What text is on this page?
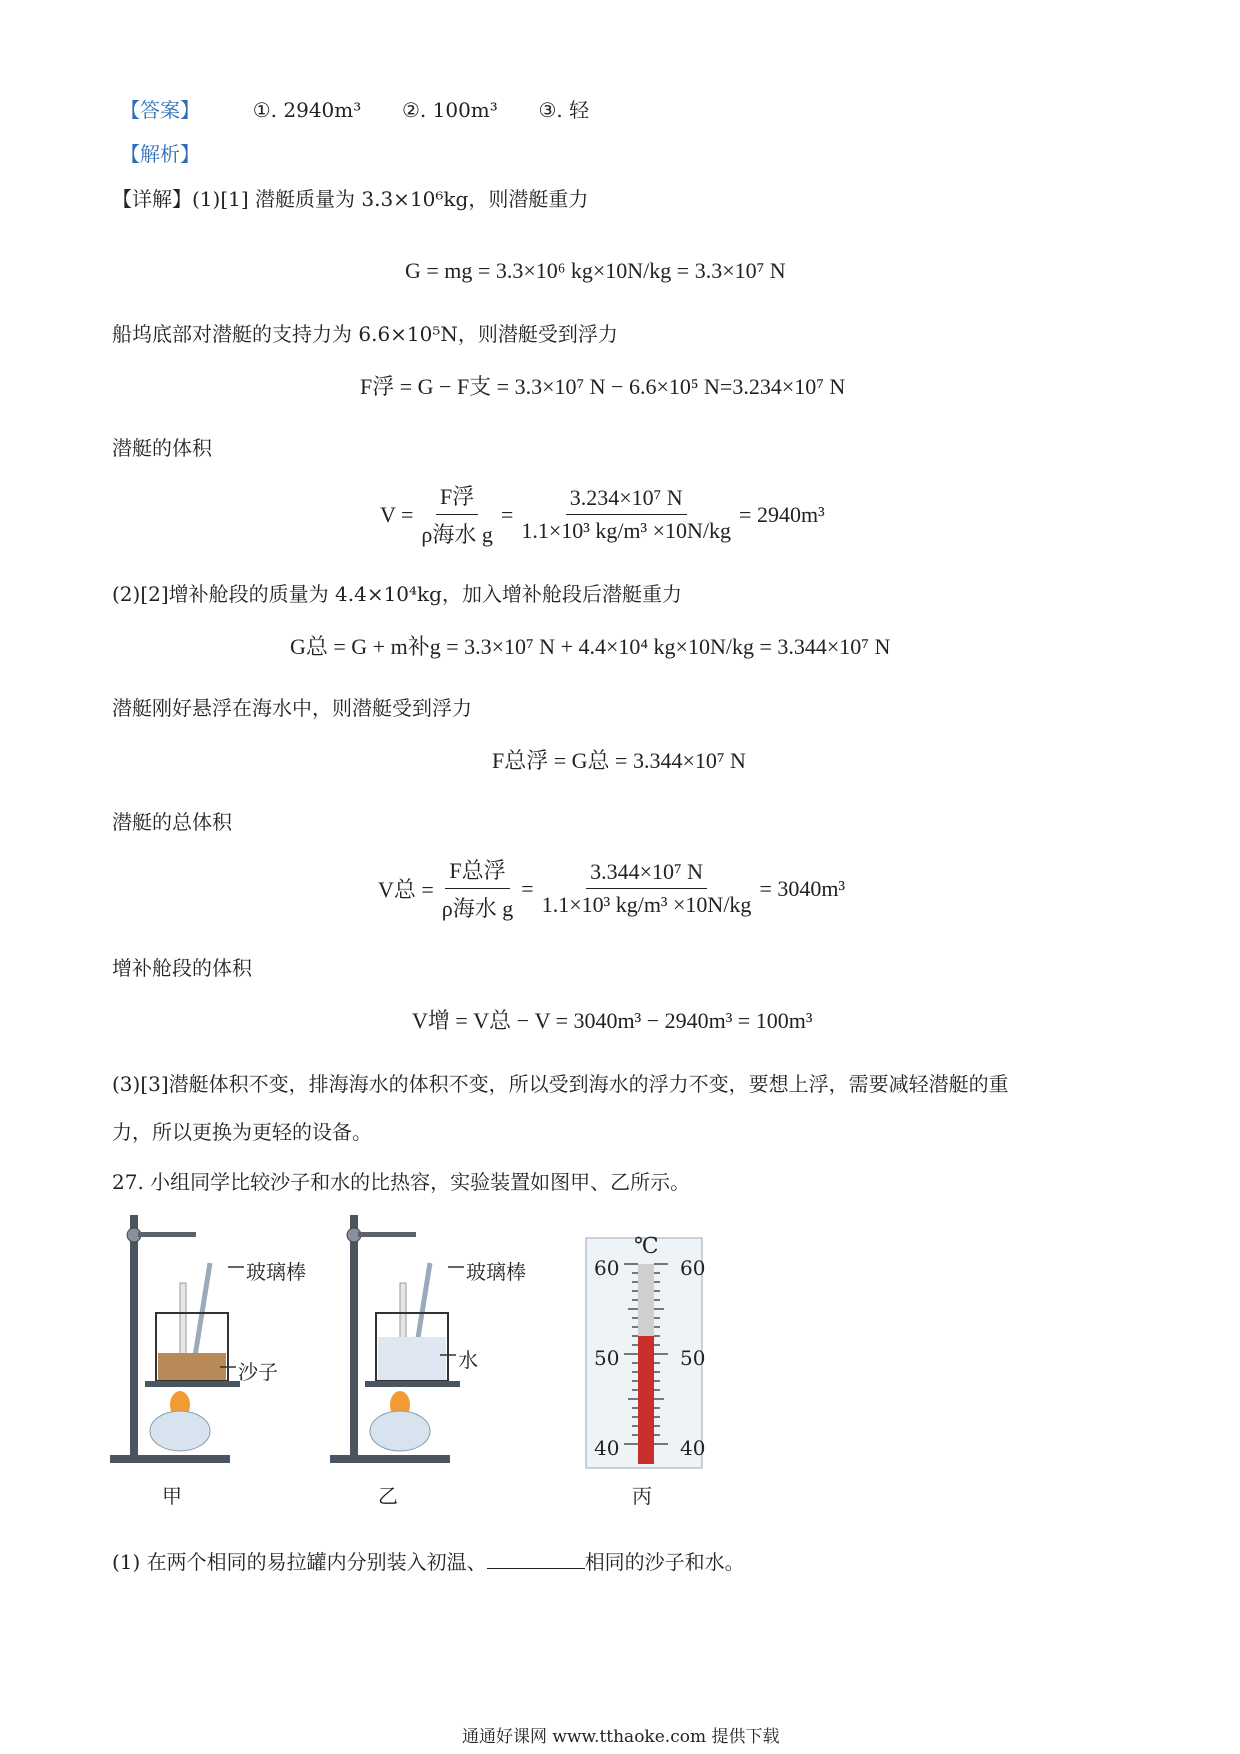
【答案】	①. 2940m³ ②. 100m³ ③. 轻
【解析】
【详解】(1)[1] 潜艇质量为 3.3×10⁶kg，则潜艇重力
G = mg = 3.3×10⁶ kg×10N/kg = 3.3×10⁷ N
船坞底部对潜艇的支持力为 6.6×10⁵N，则潜艇受到浮力
F浮 = G − F支 = 3.3×10⁷ N − 6.6×10⁵ N=3.234×10⁷ N
潜艇的体积
$V = \frac{\text{F浮}}{\text{ρ海水 g}} = \frac{\text{3.234×10⁷ N}}{\text{1.1×10³ kg/m³ ×10N/kg}} = 2940m^3$
(2)[2]增补舱段的质量为 4.4×10⁴kg，加入增补舱段后潜艇重力
G总 = G + m补g = 3.3×10⁷ N + 4.4×10⁴ kg×10N/kg = 3.344×10⁷ N
潜艇刚好悬浮在海水中，则潜艇受到浮力
F总浮 = G总 = 3.344×10⁷ N
潜艇的总体积
V总 = $\frac{\text{F总浮}}{\text{ρ海水 g}} = \frac{\text{3.344×10⁷ N}}{\text{1.1×10³ kg/m³ ×10N/kg}} = 3040m^3$
增补舱段的体积
V增 = V总 − V = 3040m³ − 2940m³ = 100m³
(3)[3]潜艇体积不变，排海海水的体积不变，所以受到海水的浮力不变，要想上浮，需要减轻潜艇的重
力，所以更换为更轻的设备。
27. 小组同学比较沙子和水的比热容，实验装置如图甲、乙所示。
玻璃棒
沙子
甲
玻璃棒
水
乙
℃
60	60
50	50
40	40
丙
(1) 在两个相同的易拉罐内分别装入初温、	相同的沙子和水。
通通好课网 www.tthaoke.com 提供下载
